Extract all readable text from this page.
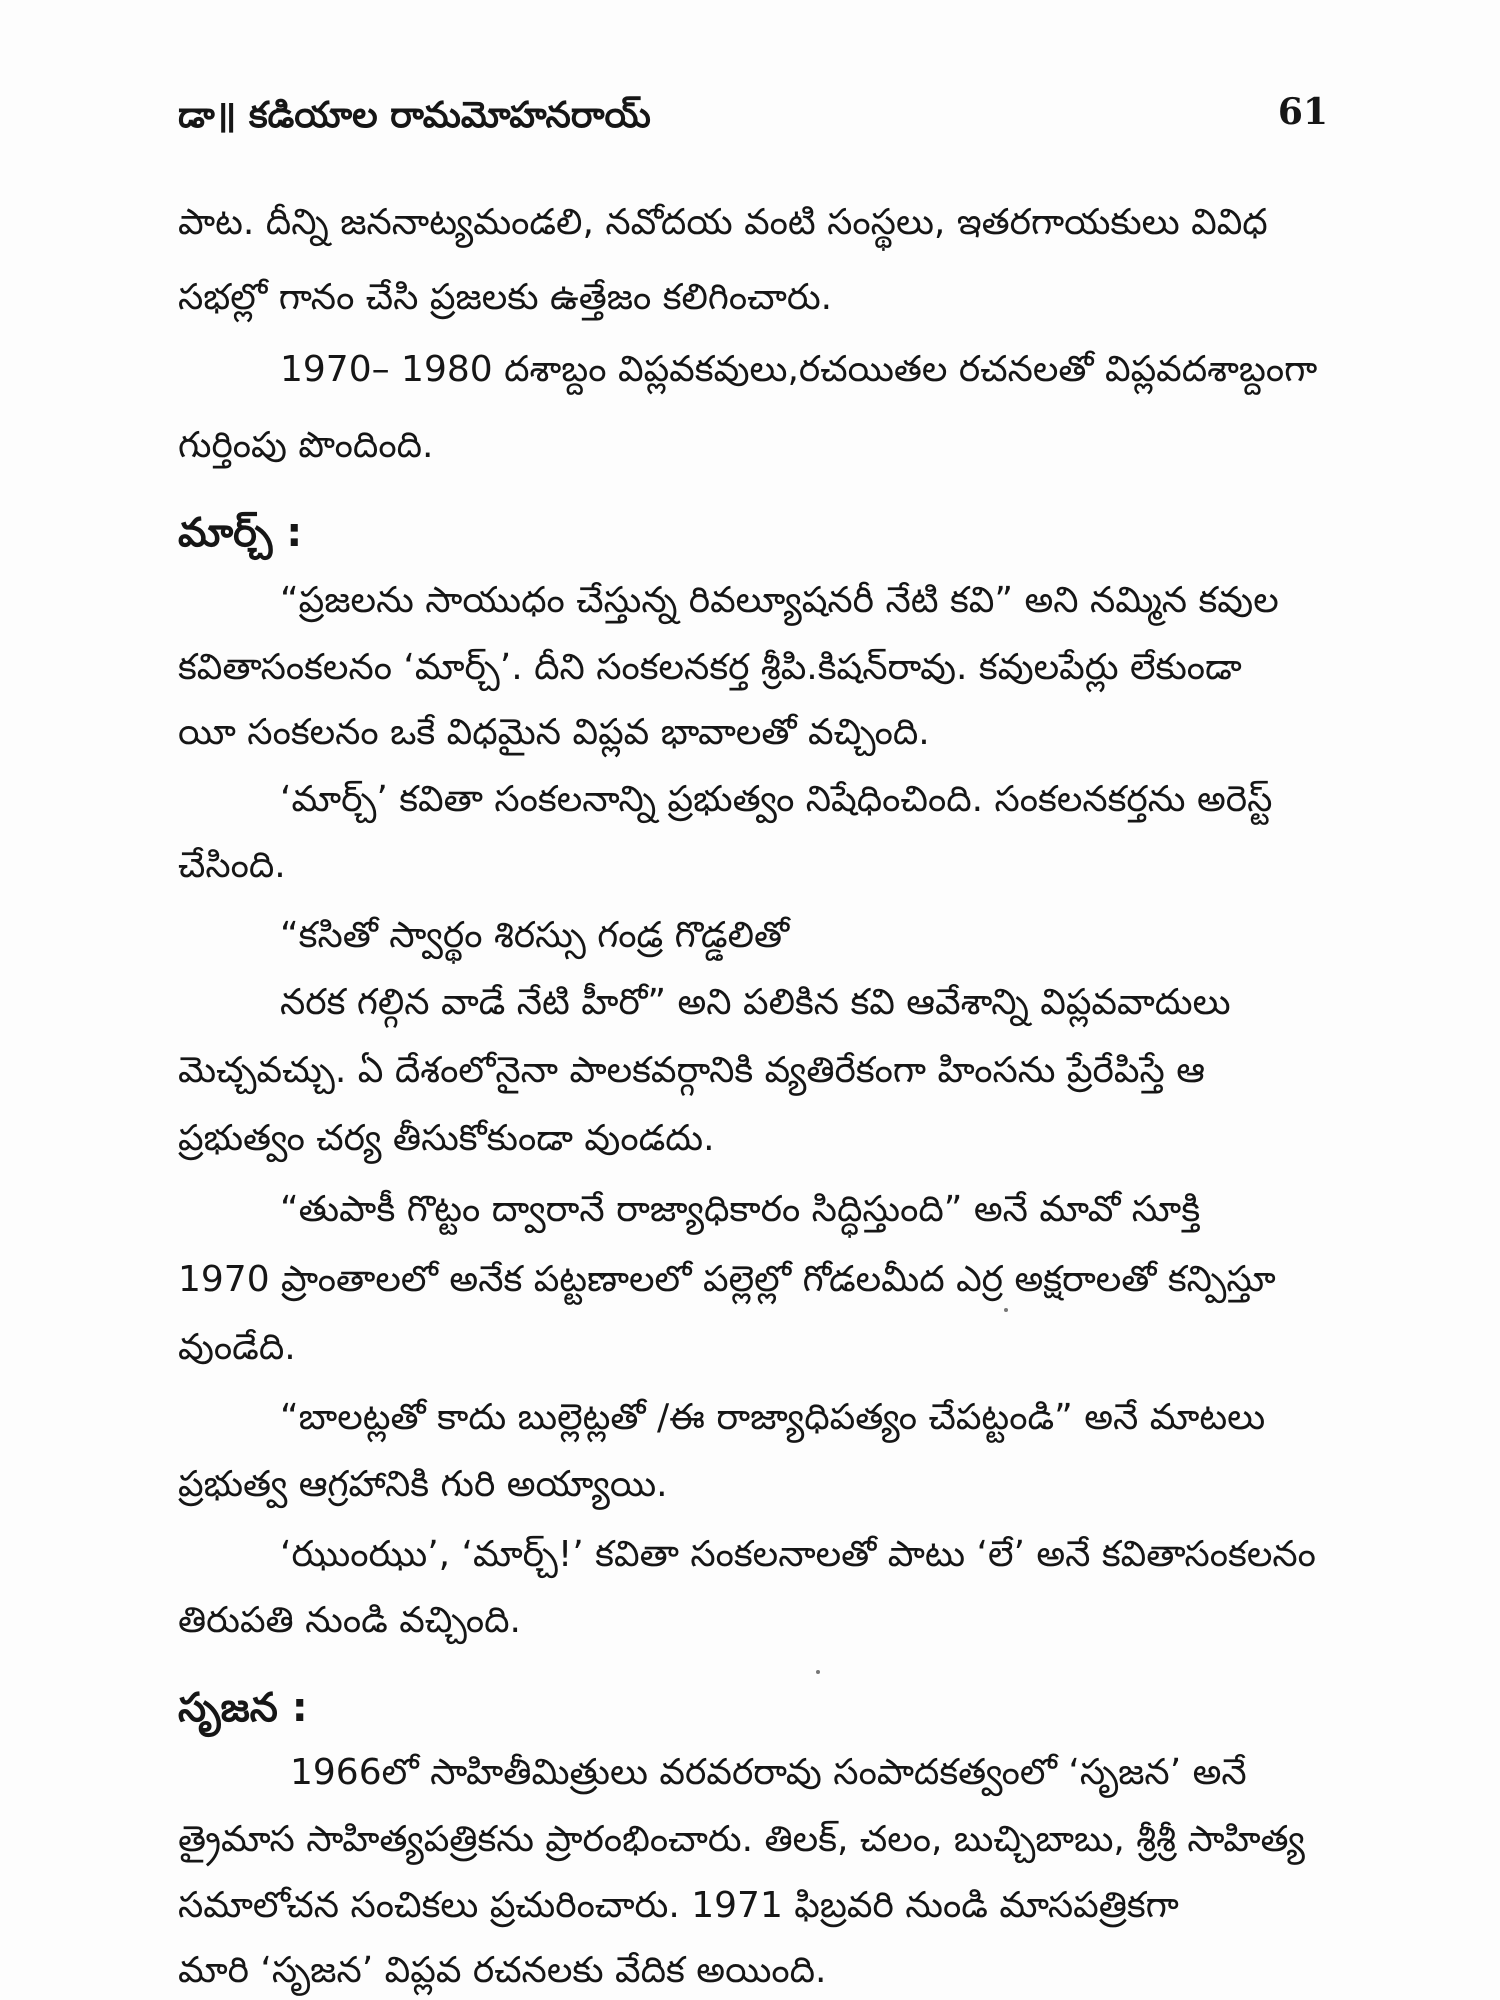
డా॥ కడియాల రామమోహనరాయ్	61
పాట. దీన్ని జననాట్యమండలి, నవోదయ వంటి సంస్థలు, ఇతరగాయకులు వివిధ
సభల్లో గానం చేసి ప్రజలకు ఉత్తేజం కలిగించారు.
1970– 1980 దశాబ్దం విప్లవకవులు,రచయితల రచనలతో విప్లవదశాబ్దంగా
గుర్తింపు పొందింది.
మార్చ్ :
“ప్రజలను సాయుధం చేస్తున్న రివల్యూషనరీ నేటి కవి” అని నమ్మిన కవుల
కవితాసంకలనం ‘మార్చ్’. దీని సంకలనకర్త శ్రీపి.కిషన్‌రావు. కవులపేర్లు లేకుండా
యీ సంకలనం ఒకే విధమైన విప్లవ భావాలతో వచ్చింది.
‘మార్చ్’ కవితా సంకలనాన్ని ప్రభుత్వం నిషేధించింది. సంకలనకర్తను అరెస్ట్
చేసింది.
“కసితో స్వార్థం శిరస్సు గండ్ర గొడ్డలితో
నరక గల్గిన వాడే నేటి హీరో” అని పలికిన కవి ఆవేశాన్ని విప్లవవాదులు
మెచ్చవచ్చు. ఏ దేశంలోనైనా పాలకవర్గానికి వ్యతిరేకంగా హింసను ప్రేరేపిస్తే ఆ
ప్రభుత్వం చర్య తీసుకోకుండా వుండదు.
“తుపాకీ గొట్టం ద్వారానే రాజ్యాధికారం సిద్ధిస్తుంది” అనే మావో సూక్తి
1970 ప్రాంతాలలో అనేక పట్టణాలలో పల్లెల్లో గోడలమీద ఎర్ర అక్షరాలతో కన్పిస్తూ
వుండేది.
“బాలట్లతో కాదు బుల్లెట్లతో /ఈ రాజ్యాధిపత్యం చేపట్టండి” అనే మాటలు
ప్రభుత్వ ఆగ్రహానికి గురి అయ్యాయి.
‘ఝుంఝు’, ‘మార్చ్!’ కవితా సంకలనాలతో పాటు ‘లే’ అనే కవితాసంకలనం
తిరుపతి నుండి వచ్చింది.
సృజన :
1966లో సాహితీమిత్రులు వరవరరావు సంపాదకత్వంలో ‘సృజన’ అనే
త్రైమాస సాహిత్యపత్రికను ప్రారంభించారు. తిలక్, చలం, బుచ్చిబాబు, శ్రీశ్రీ సాహిత్య
సమాలోచన సంచికలు ప్రచురించారు. 1971 ఫిబ్రవరి నుండి మాసపత్రికగా
మారి ‘సృజన’ విప్లవ రచనలకు వేదిక అయింది.
